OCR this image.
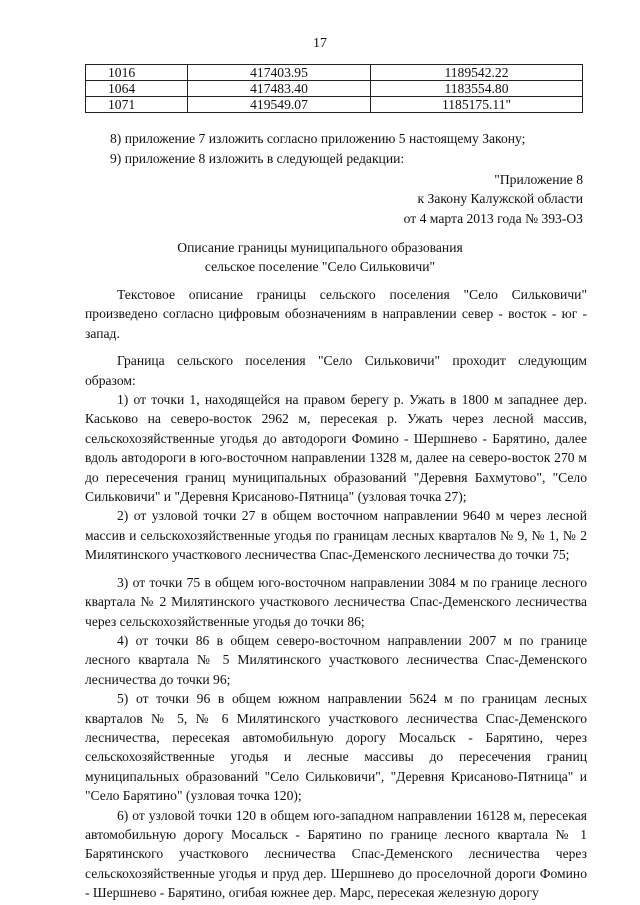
17
1016	417403.95	1189542.22
1064	417483.40	1183554.80
1071	419549.07	1185175.11"

8) приложение 7 изложить согласно приложению 5 настоящему Закону;

9) приложение 8 изложить в следующей редакции:

"Приложение 8
к Закону Калужской области
от 4 марта 2013 года № 393-ОЗ
Описание границы муниципального образования
сельское поселение "Село Сильковичи"

Текстовое описание границы сельского поселения "Село Сильковичи" произведено согласно цифровым обозначениям в направлении север - восток - юг - запад.

Граница сельского поселения "Село Сильковичи" проходит следующим образом:

1) от точки 1, находящейся на правом берегу р. Ужать в 1800 м западнее дер. Каськово на северо-восток 2962 м, пересекая р. Ужать через лесной массив, сельскохозяйственные угодья до автодороги Фомино - Шершнево - Барятино, далее вдоль автодороги в юго-восточном направлении 1328 м, далее на северо-восток 270 м до пересечения границ муниципальных образований "Деревня Бахмутово", "Село Сильковичи" и "Деревня Крисаново-Пятница" (узловая точка 27);

2) от узловой точки 27 в общем восточном направлении 9640 м через лесной массив и сельскохозяйственные угодья по границам лесных кварталов № 9, № 1, № 2 Милятинского участкового лесничества Спас-Деменского лесничества до точки 75;

3) от точки 75 в общем юго-восточном направлении 3084 м по границе лесного квартала № 2 Милятинского участкового лесничества Спас-Деменского лесничества через сельскохозяйственные угодья до точки 86;

4) от точки 86 в общем северо-восточном направлении 2007 м по границе лесного квартала № 5 Милятинского участкового лесничества Спас-Деменского лесничества до точки 96;

5) от точки 96 в общем южном направлении 5624 м по границам лесных кварталов № 5, № 6 Милятинского участкового лесничества Спас-Деменского лесничества, пересекая автомобильную дорогу Мосальск - Барятино, через сельскохозяйственные угодья и лесные массивы до пересечения границ муниципальных образований "Село Сильковичи", "Деревня Крисаново-Пятница" и "Село Барятино" (узловая точка 120);

6) от узловой точки 120 в общем юго-западном направлении 16128 м, пересекая автомобильную дорогу Мосальск - Барятино по границе лесного квартала № 1 Барятинского участкового лесничества Спас-Деменского лесничества через сельскохозяйственные угодья и пруд дер. Шершнево до проселочной дороги Фомино - Шершнево - Барятино, огибая южнее дер. Марс, пересекая железную дорогу
